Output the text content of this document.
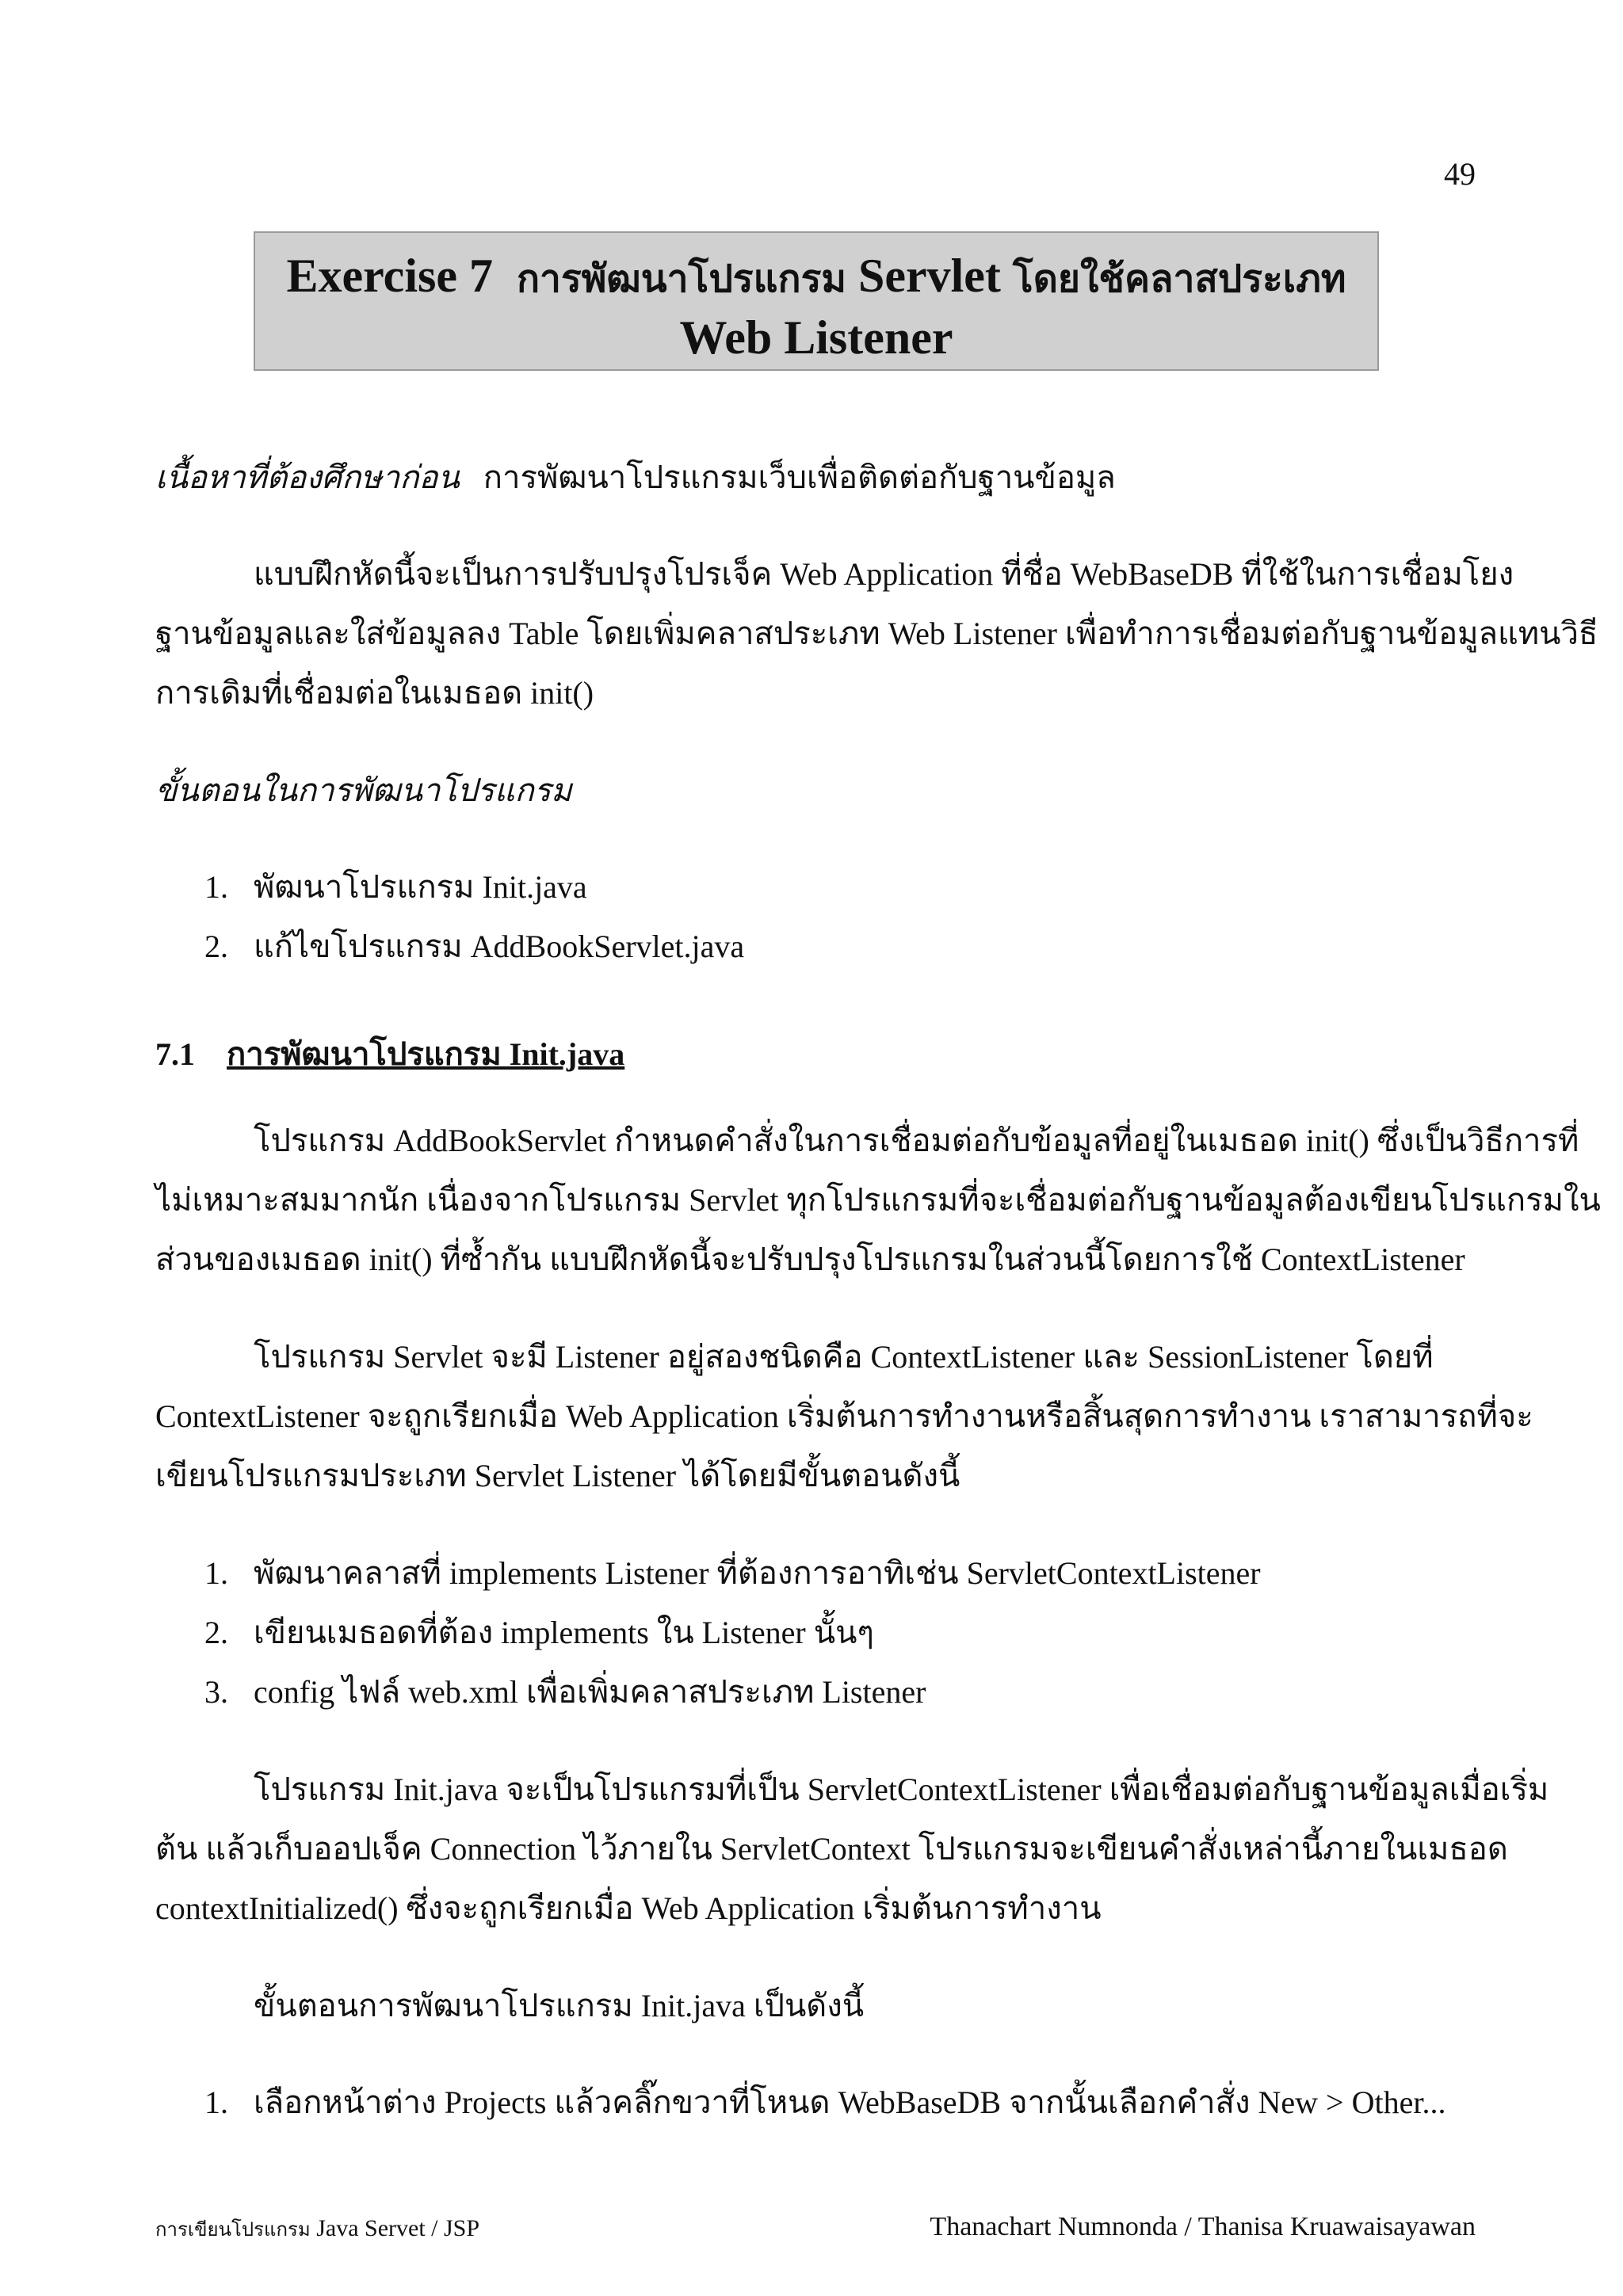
49
Exercise 7 การพัฒนาโปรแกรม Servlet โดยใช้คลาสประเภท
Web Listener
เนื้อหาที่ต้องศึกษาก่อน การพัฒนาโปรแกรมเว็บเพื่อติดต่อกับฐานข้อมูล
แบบฝึกหัดนี้จะเป็นการปรับปรุงโปรเจ็ค Web Application ที่ชื่อ WebBaseDB ที่ใช้ในการเชื่อมโยง
ฐานข้อมูลและใส่ข้อมูลลง Table โดยเพิ่มคลาสประเภท Web Listener เพื่อทำการเชื่อมต่อกับฐานข้อมูลแทนวิธี
การเดิมที่เชื่อมต่อในเมธอด init()
ขั้นตอนในการพัฒนาโปรแกรม
1. พัฒนาโปรแกรม Init.java
2. แก้ไขโปรแกรม AddBookServlet.java
7.1 การพัฒนาโปรแกรม Init.java
โปรแกรม AddBookServlet กำหนดคำสั่งในการเชื่อมต่อกับข้อมูลที่อยู่ในเมธอด init() ซึ่งเป็นวิธีการที่
ไม่เหมาะสมมากนัก เนื่องจากโปรแกรม Servlet ทุกโปรแกรมที่จะเชื่อมต่อกับฐานข้อมูลต้องเขียนโปรแกรมใน
ส่วนของเมธอด init() ที่ซ้ำกัน แบบฝึกหัดนี้จะปรับปรุงโปรแกรมในส่วนนี้โดยการใช้ ContextListener
โปรแกรม Servlet จะมี Listener อยู่สองชนิดคือ ContextListener และ SessionListener โดยที่
ContextListener จะถูกเรียกเมื่อ Web Application เริ่มต้นการทำงานหรือสิ้นสุดการทำงาน เราสามารถที่จะ
เขียนโปรแกรมประเภท Servlet Listener ได้โดยมีขั้นตอนดังนี้
1. พัฒนาคลาสที่ implements Listener ที่ต้องการอาทิเช่น ServletContextListener
2. เขียนเมธอดที่ต้อง implements ใน Listener นั้นๆ
3. config ไฟล์ web.xml เพื่อเพิ่มคลาสประเภท Listener
โปรแกรม Init.java จะเป็นโปรแกรมที่เป็น ServletContextListener เพื่อเชื่อมต่อกับฐานข้อมูลเมื่อเริ่ม
ต้น แล้วเก็บออปเจ็ค Connection ไว้ภายใน ServletContext โปรแกรมจะเขียนคำสั่งเหล่านี้ภายในเมธอด
contextInitialized() ซึ่งจะถูกเรียกเมื่อ Web Application เริ่มต้นการทำงาน
ขั้นตอนการพัฒนาโปรแกรม Init.java เป็นดังนี้
1. เลือกหน้าต่าง Projects แล้วคลิ๊กขวาที่โหนด WebBaseDB จากนั้นเลือกคำสั่ง New > Other...
การเขียนโปรแกรม Java Servet / JSP	Thanachart Numnonda / Thanisa Kruawaisayawan
